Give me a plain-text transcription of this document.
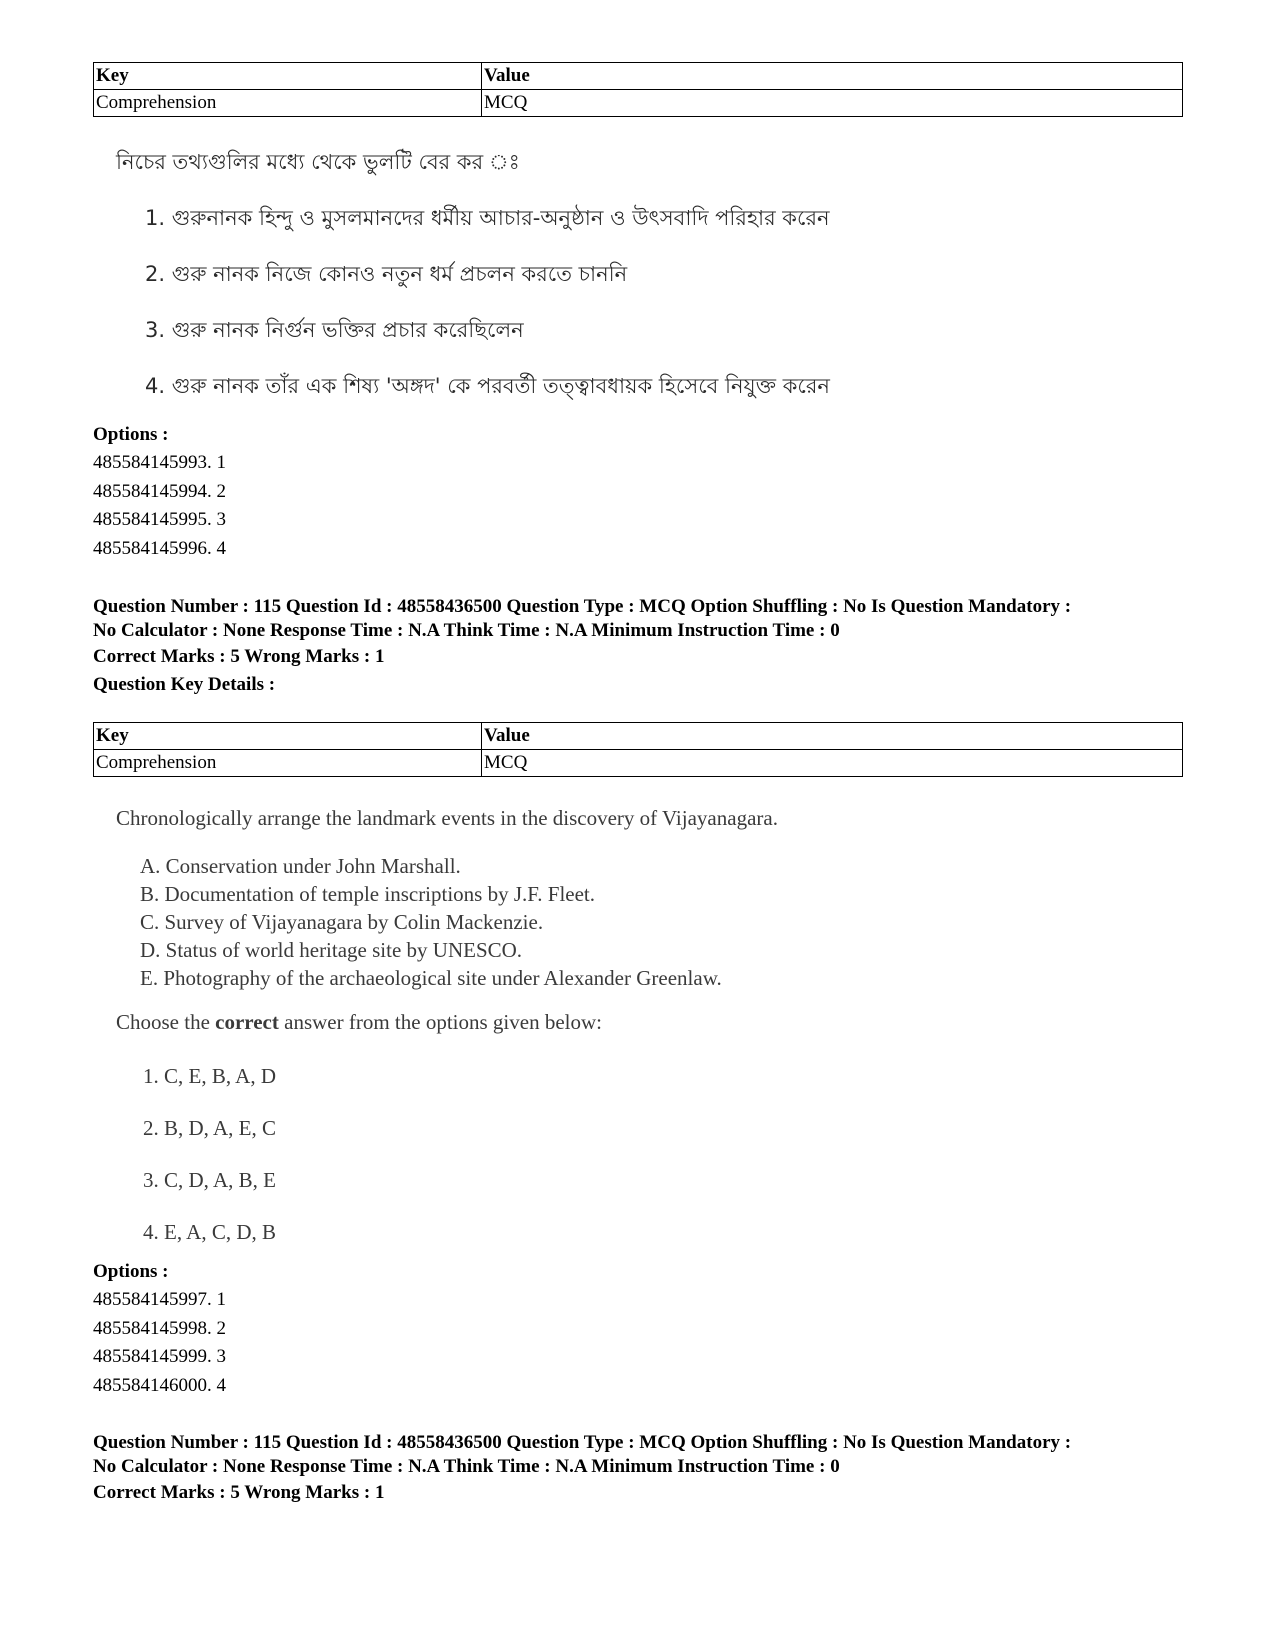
Key	Value
Comprehension	MCQ
নিচের তথ্যগুলির মধ্যে থেকে ভুলটি বের কর ঃ
1. গুরুনানক হিন্দু ও মুসলমানদের ধর্মীয় আচার-অনুষ্ঠান ও উৎসবাদি পরিহার করেন
2. গুরু নানক নিজে কোনও নতুন ধর্ম প্রচলন করতে চাননি
3. গুরু নানক নির্গুন ভক্তির প্রচার করেছিলেন
4. গুরু নানক তাঁর এক শিষ্য 'অঙ্গদ' কে পরবর্তী তত্ত্বাবধায়ক হিসেবে নিযুক্ত করেন
Options :
485584145993. 1
485584145994. 2
485584145995. 3
485584145996. 4
Question Number : 115 Question Id : 48558436500 Question Type : MCQ Option Shuffling : No Is Question Mandatory :
No Calculator : None Response Time : N.A Think Time : N.A Minimum Instruction Time : 0
Correct Marks : 5 Wrong Marks : 1
Question Key Details :
Key	Value
Comprehension	MCQ
Chronologically arrange the landmark events in the discovery of Vijayanagara.
A. Conservation under John Marshall.
B. Documentation of temple inscriptions by J.F. Fleet.
C. Survey of Vijayanagara by Colin Mackenzie.
D. Status of world heritage site by UNESCO.
E. Photography of the archaeological site under Alexander Greenlaw.
Choose the correct answer from the options given below:
1. C, E, B, A, D
2. B, D, A, E, C
3. C, D, A, B, E
4. E, A, C, D, B
Options :
485584145997. 1
485584145998. 2
485584145999. 3
485584146000. 4
Question Number : 115 Question Id : 48558436500 Question Type : MCQ Option Shuffling : No Is Question Mandatory :
No Calculator : None Response Time : N.A Think Time : N.A Minimum Instruction Time : 0
Correct Marks : 5 Wrong Marks : 1
